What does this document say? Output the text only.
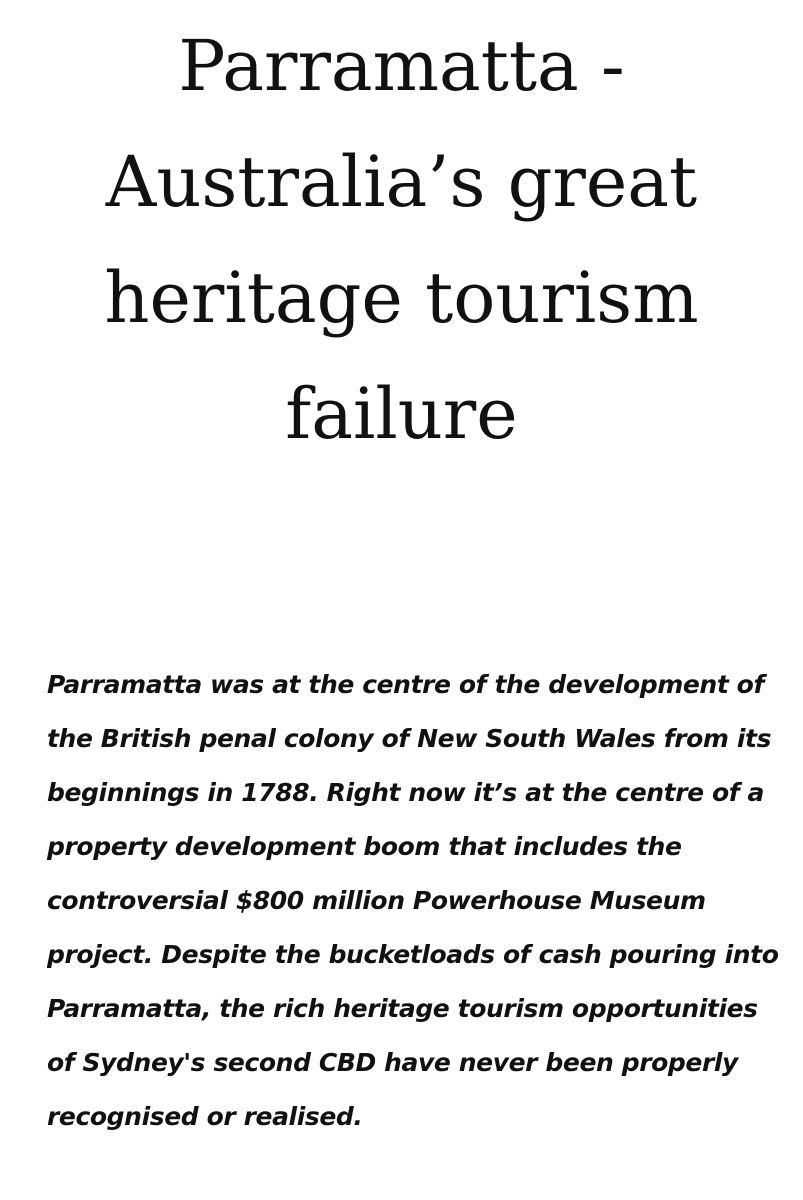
Parramatta - Australia’s great heritage tourism failure

Parramatta was at the centre of the development of the British penal colony of New South Wales from its beginnings in 1788. Right now it’s at the centre of a property development boom that includes the controversial $800 million Powerhouse Museum project. Despite the bucketloads of cash pouring into Parramatta, the rich heritage tourism opportunities of Sydney's second CBD have never been properly recognised or realised.
